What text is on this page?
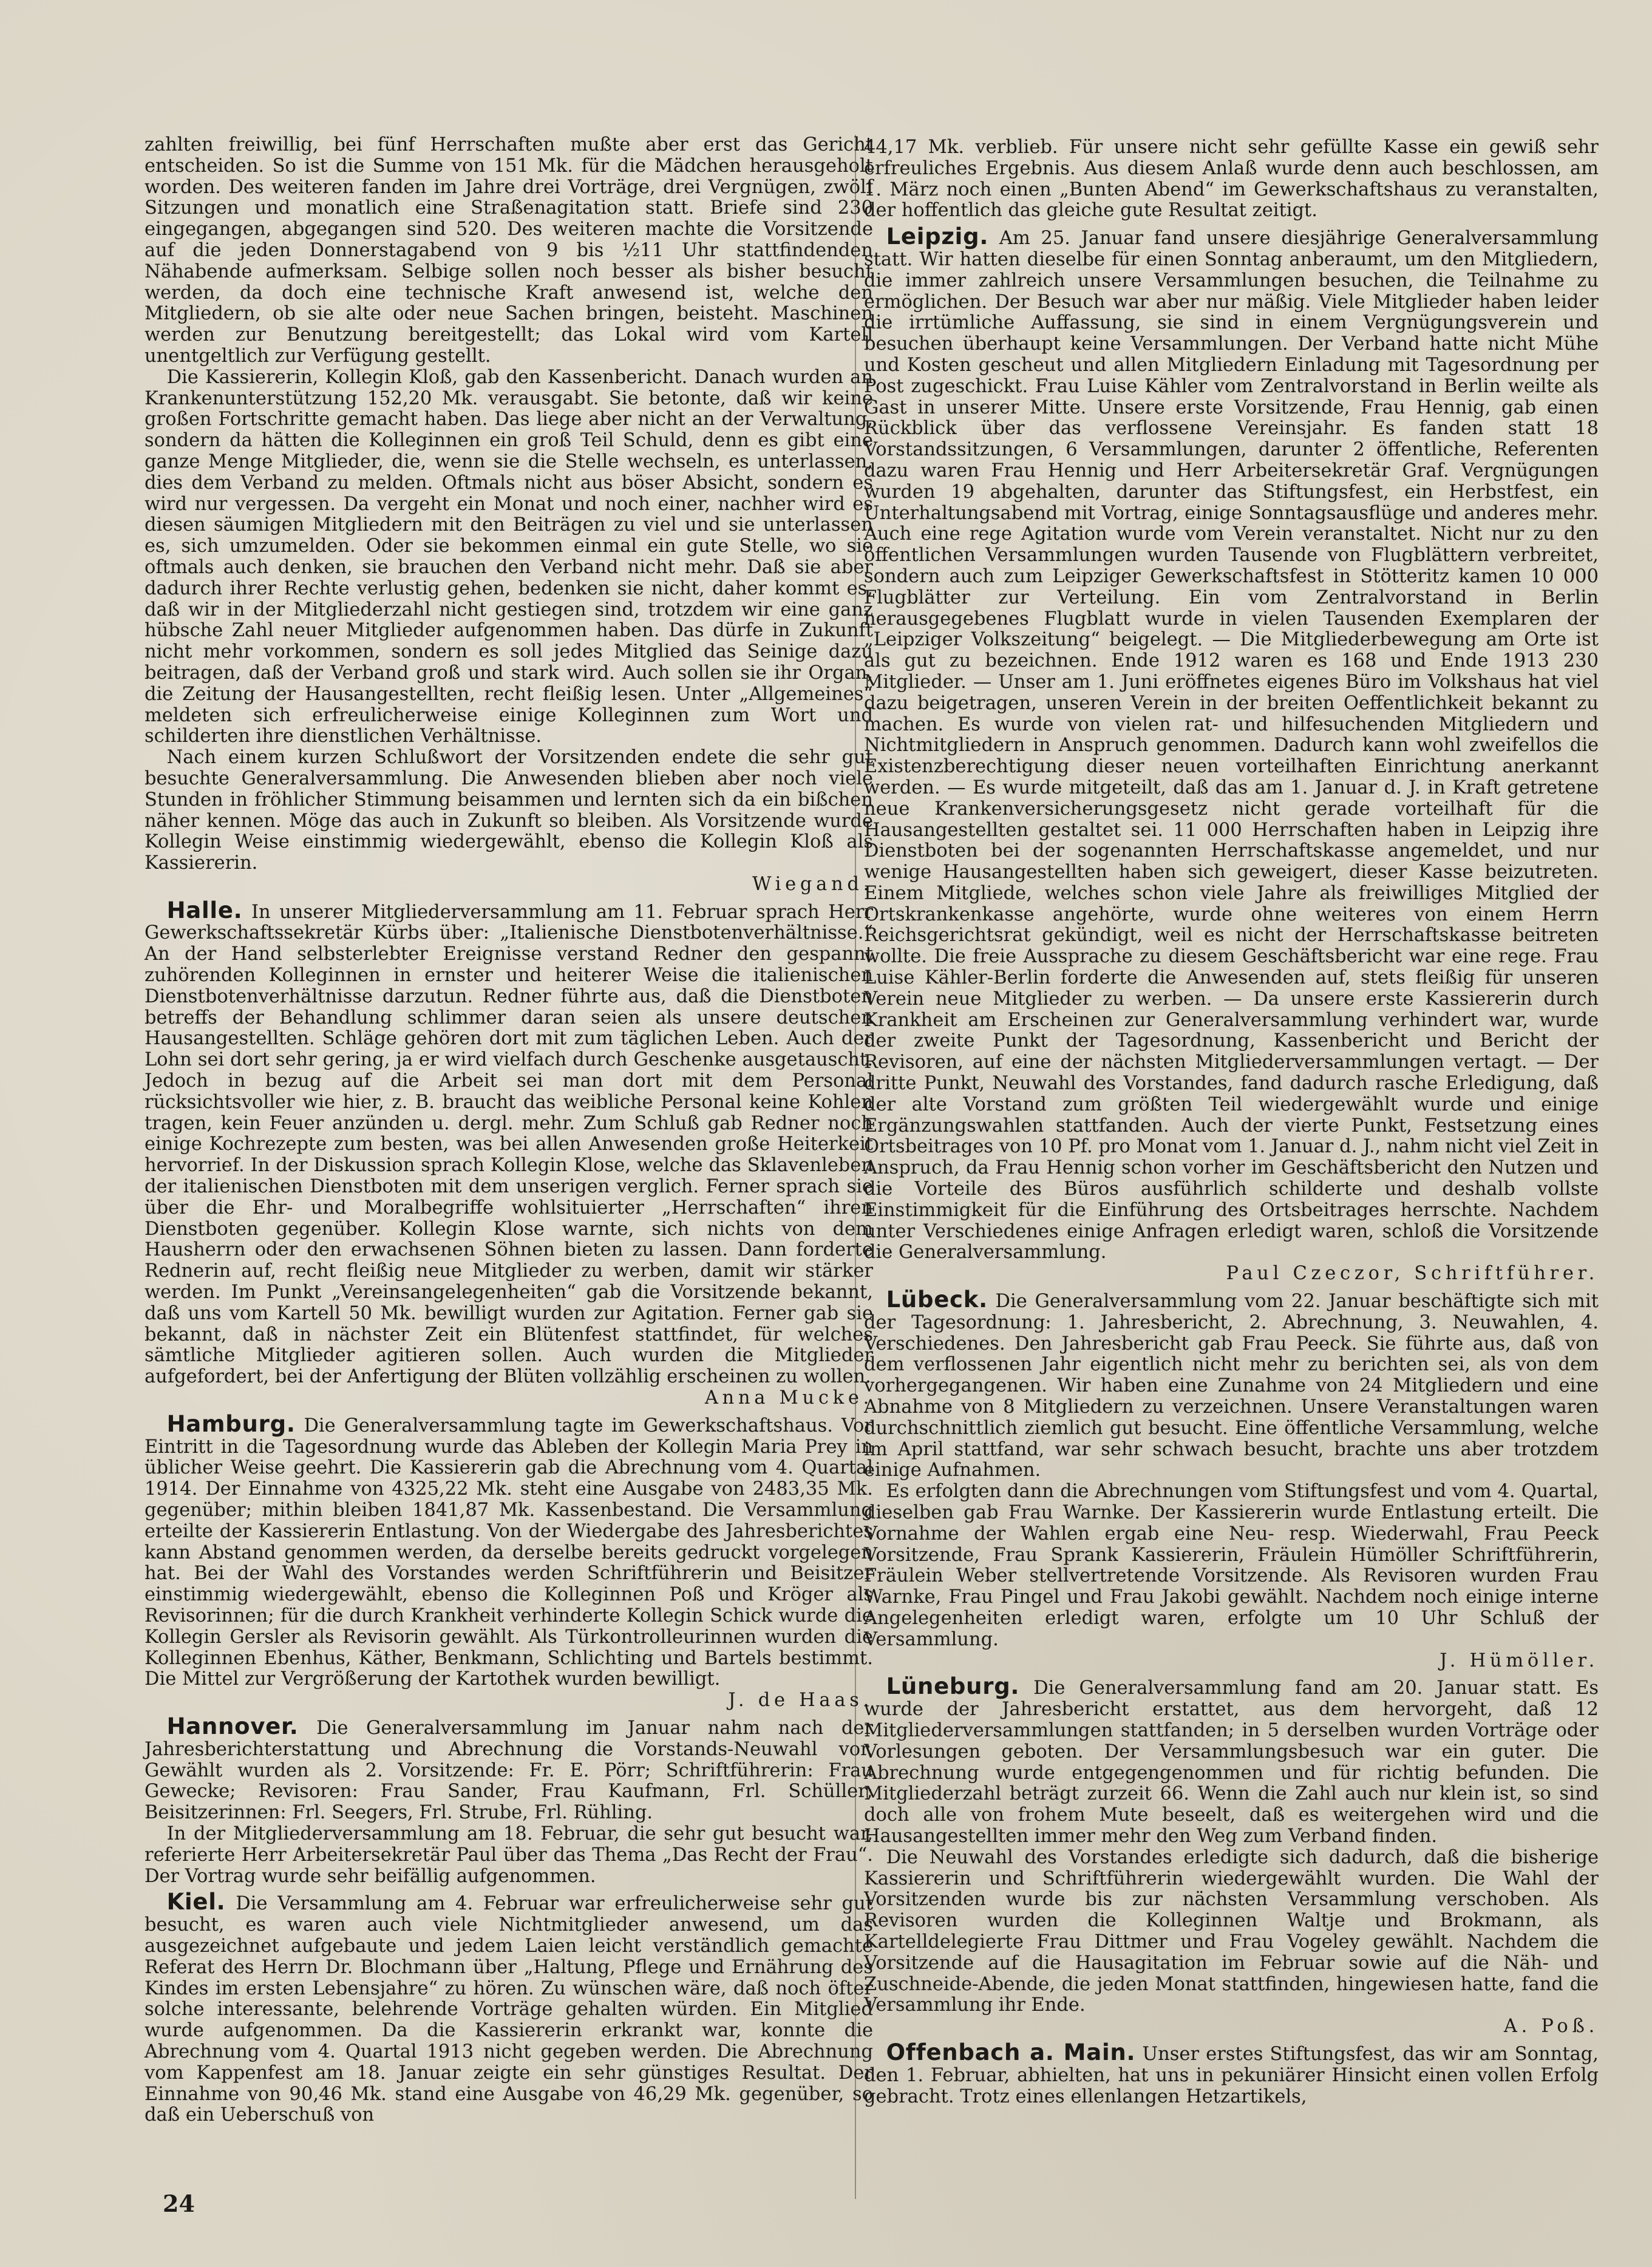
zahlten freiwillig, bei fünf Herrschaften mußte aber erst das Gericht entscheiden. So ist die Summe von 151 Mk. für die Mädchen herausgeholt worden. Des weiteren fanden im Jahre drei Vorträge, drei Vergnügen, zwölf Sitzungen und monatlich eine Straßenagitation statt. Briefe sind 230 eingegangen, abgegangen sind 520. Des weiteren machte die Vorsitzende auf die jeden Donnerstagabend von 9 bis ½11 Uhr stattfindenden Nähabende aufmerksam. Selbige sollen noch besser als bisher besucht werden, da doch eine technische Kraft anwesend ist, welche den Mitgliedern, ob sie alte oder neue Sachen bringen, beisteht. Maschinen werden zur Benutzung bereitgestellt; das Lokal wird vom Kartell unentgeltlich zur Verfügung gestellt.

Die Kassiererin, Kollegin Kloß, gab den Kassenbericht. Danach wurden an Krankenunterstützung 152,20 Mk. verausgabt. Sie betonte, daß wir keine großen Fortschritte gemacht haben. Das liege aber nicht an der Verwaltung, sondern da hätten die Kolleginnen ein groß Teil Schuld, denn es gibt eine ganze Menge Mitglieder, die, wenn sie die Stelle wechseln, es unterlassen, dies dem Verband zu melden. Oftmals nicht aus böser Absicht, sondern es wird nur vergessen. Da vergeht ein Monat und noch einer, nachher wird es diesen säumigen Mitgliedern mit den Beiträgen zu viel und sie unterlassen es, sich umzumelden. Oder sie bekommen einmal ein gute Stelle, wo sie oftmals auch denken, sie brauchen den Verband nicht mehr. Daß sie aber dadurch ihrer Rechte verlustig gehen, bedenken sie nicht, daher kommt es, daß wir in der Mitgliederzahl nicht gestiegen sind, trotzdem wir eine ganz hübsche Zahl neuer Mitglieder aufgenommen haben. Das dürfe in Zukunft nicht mehr vorkommen, sondern es soll jedes Mitglied das Seinige dazu beitragen, daß der Verband groß und stark wird. Auch sollen sie ihr Organ, die Zeitung der Hausangestellten, recht fleißig lesen. Unter „Allgemeines“ meldeten sich erfreulicherweise einige Kolleginnen zum Wort und schilderten ihre dienstlichen Verhältnisse.

Nach einem kurzen Schlußwort der Vorsitzenden endete die sehr gut besuchte Generalversammlung. Die Anwesenden blieben aber noch viele Stunden in fröhlicher Stimmung beisammen und lernten sich da ein bißchen näher kennen. Möge das auch in Zukunft so bleiben. Als Vorsitzende wurde Kollegin Weise einstimmig wiedergewählt, ebenso die Kollegin Kloß als Kassiererin.

Wiegand.

Halle. In unserer Mitgliederversammlung am 11. Februar sprach Herr Gewerkschaftssekretär Kürbs über: „Italienische Dienstbotenverhältnisse.“ An der Hand selbsterlebter Ereignisse verstand Redner den gespannt zuhörenden Kolleginnen in ernster und heiterer Weise die italienischen Dienstbotenverhältnisse darzutun. Redner führte aus, daß die Dienstboten betreffs der Behandlung schlimmer daran seien als unsere deutschen Hausangestellten. Schläge gehören dort mit zum täglichen Leben. Auch der Lohn sei dort sehr gering, ja er wird vielfach durch Geschenke ausgetauscht. Jedoch in bezug auf die Arbeit sei man dort mit dem Personal rücksichtsvoller wie hier, z. B. braucht das weibliche Personal keine Kohlen tragen, kein Feuer anzünden u. dergl. mehr. Zum Schluß gab Redner noch einige Kochrezepte zum besten, was bei allen Anwesenden große Heiterkeit hervorrief. In der Diskussion sprach Kollegin Klose, welche das Sklavenleben der italienischen Dienstboten mit dem unserigen verglich. Ferner sprach sie über die Ehr- und Moralbegriffe wohlsituierter „Herrschaften“ ihren Dienstboten gegenüber. Kollegin Klose warnte, sich nichts von dem Hausherrn oder den erwachsenen Söhnen bieten zu lassen. Dann forderte Rednerin auf, recht fleißig neue Mitglieder zu werben, damit wir stärker werden. Im Punkt „Vereinsangelegenheiten“ gab die Vorsitzende bekannt, daß uns vom Kartell 50 Mk. bewilligt wurden zur Agitation. Ferner gab sie bekannt, daß in nächster Zeit ein Blütenfest stattfindet, für welches sämtliche Mitglieder agitieren sollen. Auch wurden die Mitglieder aufgefordert, bei der Anfertigung der Blüten vollzählig erscheinen zu wollen.

Anna Mucke.

Hamburg. Die Generalversammlung tagte im Gewerkschaftshaus. Vor Eintritt in die Tagesordnung wurde das Ableben der Kollegin Maria Prey in üblicher Weise geehrt. Die Kassiererin gab die Abrechnung vom 4. Quartal 1914. Der Einnahme von 4325,22 Mk. steht eine Ausgabe von 2483,35 Mk. gegenüber; mithin bleiben 1841,87 Mk. Kassenbestand. Die Versammlung erteilte der Kassiererin Entlastung. Von der Wiedergabe des Jahresberichtes kann Abstand genommen werden, da derselbe bereits gedruckt vorgelegen hat. Bei der Wahl des Vorstandes werden Schriftführerin und Beisitzer einstimmig wiedergewählt, ebenso die Kolleginnen Poß und Kröger als Revisorinnen; für die durch Krankheit verhinderte Kollegin Schick wurde die Kollegin Gersler als Revisorin gewählt. Als Türkontrolleurinnen wurden die Kolleginnen Ebenhus, Käther, Benkmann, Schlichting und Bartels bestimmt. Die Mittel zur Vergrößerung der Kartothek wurden bewilligt.

J. de Haas.

Hannover. Die Generalversammlung im Januar nahm nach der Jahresberichterstattung und Abrechnung die Vorstands-Neuwahl vor. Gewählt wurden als 2. Vorsitzende: Fr. E. Pörr; Schriftführerin: Frau Gewecke; Revisoren: Frau Sander, Frau Kaufmann, Frl. Schüller; Beisitzerinnen: Frl. Seegers, Frl. Strube, Frl. Rühling.

In der Mitgliederversammlung am 18. Februar, die sehr gut besucht war, referierte Herr Arbeitersekretär Paul über das Thema „Das Recht der Frau“. Der Vortrag wurde sehr beifällig aufgenommen.

Kiel. Die Versammlung am 4. Februar war erfreulicherweise sehr gut besucht, es waren auch viele Nichtmitglieder anwesend, um das ausgezeichnet aufgebaute und jedem Laien leicht verständlich gemachte Referat des Herrn Dr. Blochmann über „Haltung, Pflege und Ernährung des Kindes im ersten Lebensjahre“ zu hören. Zu wünschen wäre, daß noch öfter solche interessante, belehrende Vorträge gehalten würden. Ein Mitglied wurde aufgenommen. Da die Kassiererin erkrankt war, konnte die Abrechnung vom 4. Quartal 1913 nicht gegeben werden. Die Abrechnung vom Kappenfest am 18. Januar zeigte ein sehr günstiges Resultat. Der Einnahme von 90,46 Mk. stand eine Ausgabe von 46,29 Mk. gegenüber, so daß ein Ueberschuß von

44,17 Mk. verblieb. Für unsere nicht sehr gefüllte Kasse ein gewiß sehr erfreuliches Ergebnis. Aus diesem Anlaß wurde denn auch beschlossen, am 1. März noch einen „Bunten Abend“ im Gewerkschaftshaus zu veranstalten, der hoffentlich das gleiche gute Resultat zeitigt.

Leipzig. Am 25. Januar fand unsere diesjährige Generalversammlung statt. Wir hatten dieselbe für einen Sonntag anberaumt, um den Mitgliedern, die immer zahlreich unsere Versammlungen besuchen, die Teilnahme zu ermöglichen. Der Besuch war aber nur mäßig. Viele Mitglieder haben leider die irrtümliche Auffassung, sie sind in einem Vergnügungsverein und besuchen überhaupt keine Versammlungen. Der Verband hatte nicht Mühe und Kosten gescheut und allen Mitgliedern Einladung mit Tagesordnung per Post zugeschickt. Frau Luise Kähler vom Zentralvorstand in Berlin weilte als Gast in unserer Mitte. Unsere erste Vorsitzende, Frau Hennig, gab einen Rückblick über das verflossene Vereinsjahr. Es fanden statt 18 Vorstandssitzungen, 6 Versammlungen, darunter 2 öffentliche, Referenten dazu waren Frau Hennig und Herr Arbeitersekretär Graf. Vergnügungen wurden 19 abgehalten, darunter das Stiftungsfest, ein Herbstfest, ein Unterhaltungsabend mit Vortrag, einige Sonntagsausflüge und anderes mehr. Auch eine rege Agitation wurde vom Verein veranstaltet. Nicht nur zu den öffentlichen Versammlungen wurden Tausende von Flugblättern verbreitet, sondern auch zum Leipziger Gewerkschaftsfest in Stötteritz kamen 10 000 Flugblätter zur Verteilung. Ein vom Zentralvorstand in Berlin herausgegebenes Flugblatt wurde in vielen Tausenden Exemplaren der „Leipziger Volkszeitung“ beigelegt. — Die Mitgliederbewegung am Orte ist als gut zu bezeichnen. Ende 1912 waren es 168 und Ende 1913 230 Mitglieder. — Unser am 1. Juni eröffnetes eigenes Büro im Volkshaus hat viel dazu beigetragen, unseren Verein in der breiten Oeffentlichkeit bekannt zu machen. Es wurde von vielen rat- und hilfesuchenden Mitgliedern und Nichtmitgliedern in Anspruch genommen. Dadurch kann wohl zweifellos die Existenzberechtigung dieser neuen vorteilhaften Einrichtung anerkannt werden. — Es wurde mitgeteilt, daß das am 1. Januar d. J. in Kraft getretene neue Krankenversicherungsgesetz nicht gerade vorteilhaft für die Hausangestellten gestaltet sei. 11 000 Herrschaften haben in Leipzig ihre Dienstboten bei der sogenannten Herrschaftskasse angemeldet, und nur wenige Hausangestellten haben sich geweigert, dieser Kasse beizutreten. Einem Mitgliede, welches schon viele Jahre als freiwilliges Mitglied der Ortskrankenkasse angehörte, wurde ohne weiteres von einem Herrn Reichsgerichtsrat gekündigt, weil es nicht der Herrschaftskasse beitreten wollte. Die freie Aussprache zu diesem Geschäftsbericht war eine rege. Frau Luise Kähler-Berlin forderte die Anwesenden auf, stets fleißig für unseren Verein neue Mitglieder zu werben. — Da unsere erste Kassiererin durch Krankheit am Erscheinen zur Generalversammlung verhindert war, wurde der zweite Punkt der Tagesordnung, Kassenbericht und Bericht der Revisoren, auf eine der nächsten Mitgliederversammlungen vertagt. — Der dritte Punkt, Neuwahl des Vorstandes, fand dadurch rasche Erledigung, daß der alte Vorstand zum größten Teil wiedergewählt wurde und einige Ergänzungswahlen stattfanden. Auch der vierte Punkt, Festsetzung eines Ortsbeitrages von 10 Pf. pro Monat vom 1. Januar d. J., nahm nicht viel Zeit in Anspruch, da Frau Hennig schon vorher im Geschäftsbericht den Nutzen und die Vorteile des Büros ausführlich schilderte und deshalb vollste Einstimmigkeit für die Einführung des Ortsbeitrages herrschte. Nachdem unter Verschiedenes einige Anfragen erledigt waren, schloß die Vorsitzende die Generalversammlung.

Paul Czeczor, Schriftführer.

Lübeck. Die Generalversammlung vom 22. Januar beschäftigte sich mit der Tagesordnung: 1. Jahresbericht, 2. Abrechnung, 3. Neuwahlen, 4. Verschiedenes. Den Jahresbericht gab Frau Peeck. Sie führte aus, daß von dem verflossenen Jahr eigentlich nicht mehr zu berichten sei, als von dem vorhergegangenen. Wir haben eine Zunahme von 24 Mitgliedern und eine Abnahme von 8 Mitgliedern zu verzeichnen. Unsere Veranstaltungen waren durchschnittlich ziemlich gut besucht. Eine öffentliche Versammlung, welche im April stattfand, war sehr schwach besucht, brachte uns aber trotzdem einige Aufnahmen.

Es erfolgten dann die Abrechnungen vom Stiftungsfest und vom 4. Quartal, dieselben gab Frau Warnke. Der Kassiererin wurde Entlastung erteilt. Die Vornahme der Wahlen ergab eine Neu- resp. Wiederwahl, Frau Peeck Vorsitzende, Frau Sprank Kassiererin, Fräulein Hümöller Schriftführerin, Fräulein Weber stellvertretende Vorsitzende. Als Revisoren wurden Frau Warnke, Frau Pingel und Frau Jakobi gewählt. Nachdem noch einige interne Angelegenheiten erledigt waren, erfolgte um 10 Uhr Schluß der Versammlung.

J. Hümöller.

Lüneburg. Die Generalversammlung fand am 20. Januar statt. Es wurde der Jahresbericht erstattet, aus dem hervorgeht, daß 12 Mitgliederversammlungen stattfanden; in 5 derselben wurden Vorträge oder Vorlesungen geboten. Der Versammlungsbesuch war ein guter. Die Abrechnung wurde entgegengenommen und für richtig befunden. Die Mitgliederzahl beträgt zurzeit 66. Wenn die Zahl auch nur klein ist, so sind doch alle von frohem Mute beseelt, daß es weitergehen wird und die Hausangestellten immer mehr den Weg zum Verband finden.

Die Neuwahl des Vorstandes erledigte sich dadurch, daß die bisherige Kassiererin und Schriftführerin wiedergewählt wurden. Die Wahl der Vorsitzenden wurde bis zur nächsten Versammlung verschoben. Als Revisoren wurden die Kolleginnen Waltje und Brokmann, als Kartelldelegierte Frau Dittmer und Frau Vogeley gewählt. Nachdem die Vorsitzende auf die Hausagitation im Februar sowie auf die Näh- und Zuschneide-Abende, die jeden Monat stattfinden, hingewiesen hatte, fand die Versammlung ihr Ende.

A. Poß.

Offenbach a. Main. Unser erstes Stiftungsfest, das wir am Sonntag, den 1. Februar, abhielten, hat uns in pekuniärer Hinsicht einen vollen Erfolg gebracht. Trotz eines ellenlangen Hetzartikels,

24
